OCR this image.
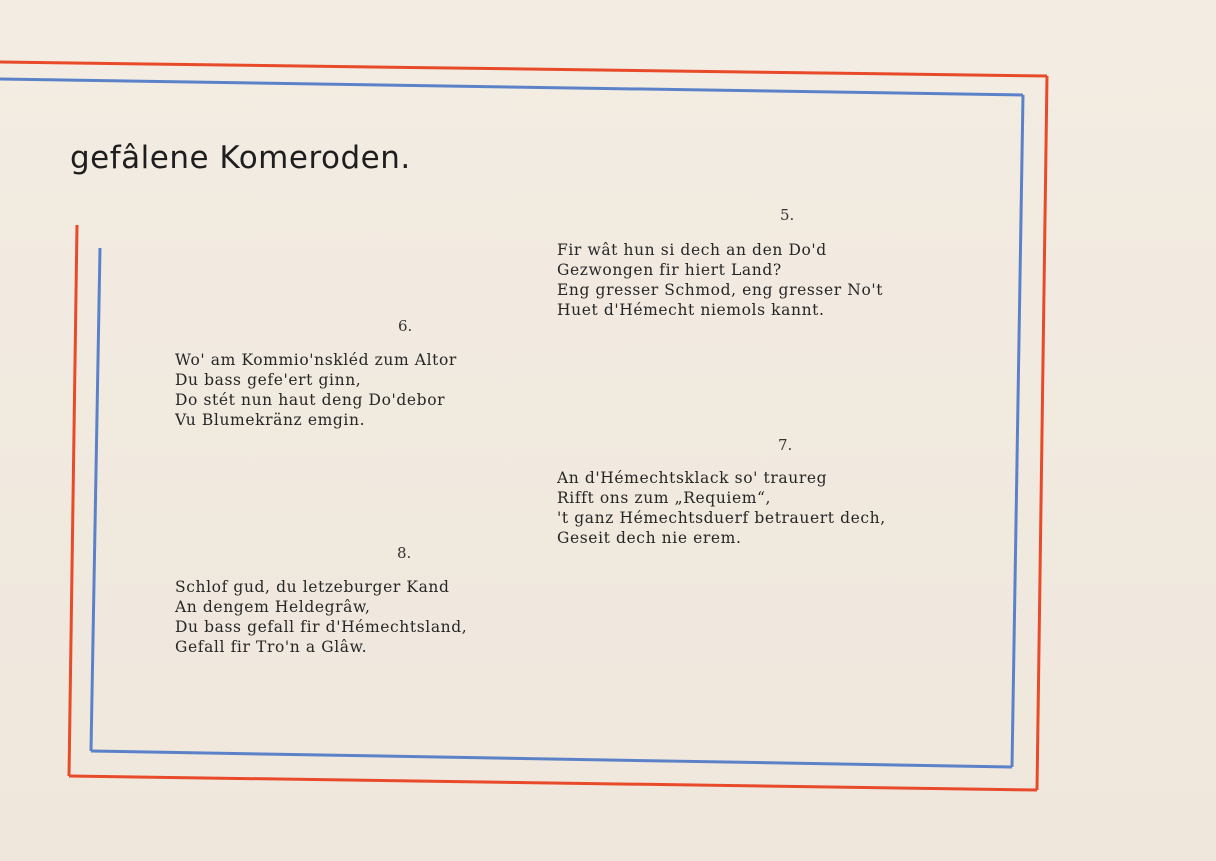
gefâlene Komeroden.
5.
Fir wât hun si dech an den Do'd
Gezwongen fir hiert Land?
Eng gresser Schmod, eng gresser No't
Huet d'Hémecht niemols kannt.
6.
Wo' am Kommio'nskléd zum Altor
Du bass gefe'ert ginn,
Do stét nun haut deng Do'debor
Vu Blumekränz emgin.
7.
An d'Hémechtsklack so' traureg
Rifft ons zum „Requiem“,
't ganz Hémechtsduerf betrauert dech,
Geseit dech nie erem.
8.
Schlof gud, du letzeburger Kand
An dengem Heldegrâw,
Du bass gefall fir d'Hémechtsland,
Gefall fir Tro'n a Glâw.
